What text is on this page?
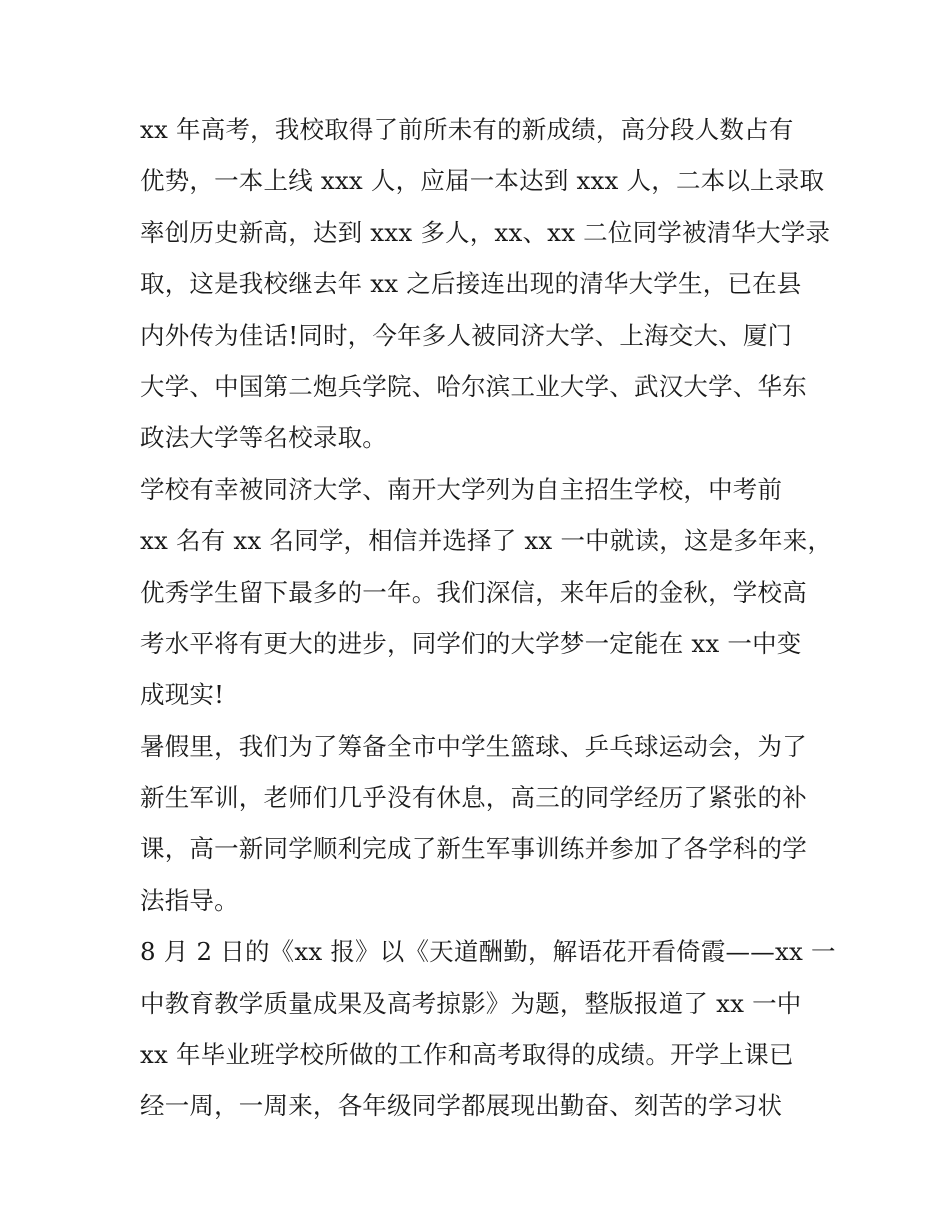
xx 年高考，我校取得了前所未有的新成绩，高分段人数占有
优势，一本上线 xxx 人，应届一本达到 xxx 人，二本以上录取
率创历史新高，达到 xxx 多人，xx、xx 二位同学被清华大学录
取，这是我校继去年 xx 之后接连出现的清华大学生，已在县
内外传为佳话!同时，今年多人被同济大学、上海交大、厦门
大学、中国第二炮兵学院、哈尔滨工业大学、武汉大学、华东
政法大学等名校录取。
学校有幸被同济大学、南开大学列为自主招生学校，中考前
xx 名有 xx 名同学，相信并选择了 xx 一中就读，这是多年来，
优秀学生留下最多的一年。我们深信，来年后的金秋，学校高
考水平将有更大的进步，同学们的大学梦一定能在 xx 一中变
成现实!
暑假里，我们为了筹备全市中学生篮球、乒乓球运动会，为了
新生军训，老师们几乎没有休息，高三的同学经历了紧张的补
课，高一新同学顺利完成了新生军事训练并参加了各学科的学
法指导。
8 月 2 日的《xx 报》以《天道酬勤，解语花开看倚霞——xx 一
中教育教学质量成果及高考掠影》为题，整版报道了 xx 一中
xx 年毕业班学校所做的工作和高考取得的成绩。开学上课已
经一周，一周来，各年级同学都展现出勤奋、刻苦的学习状
